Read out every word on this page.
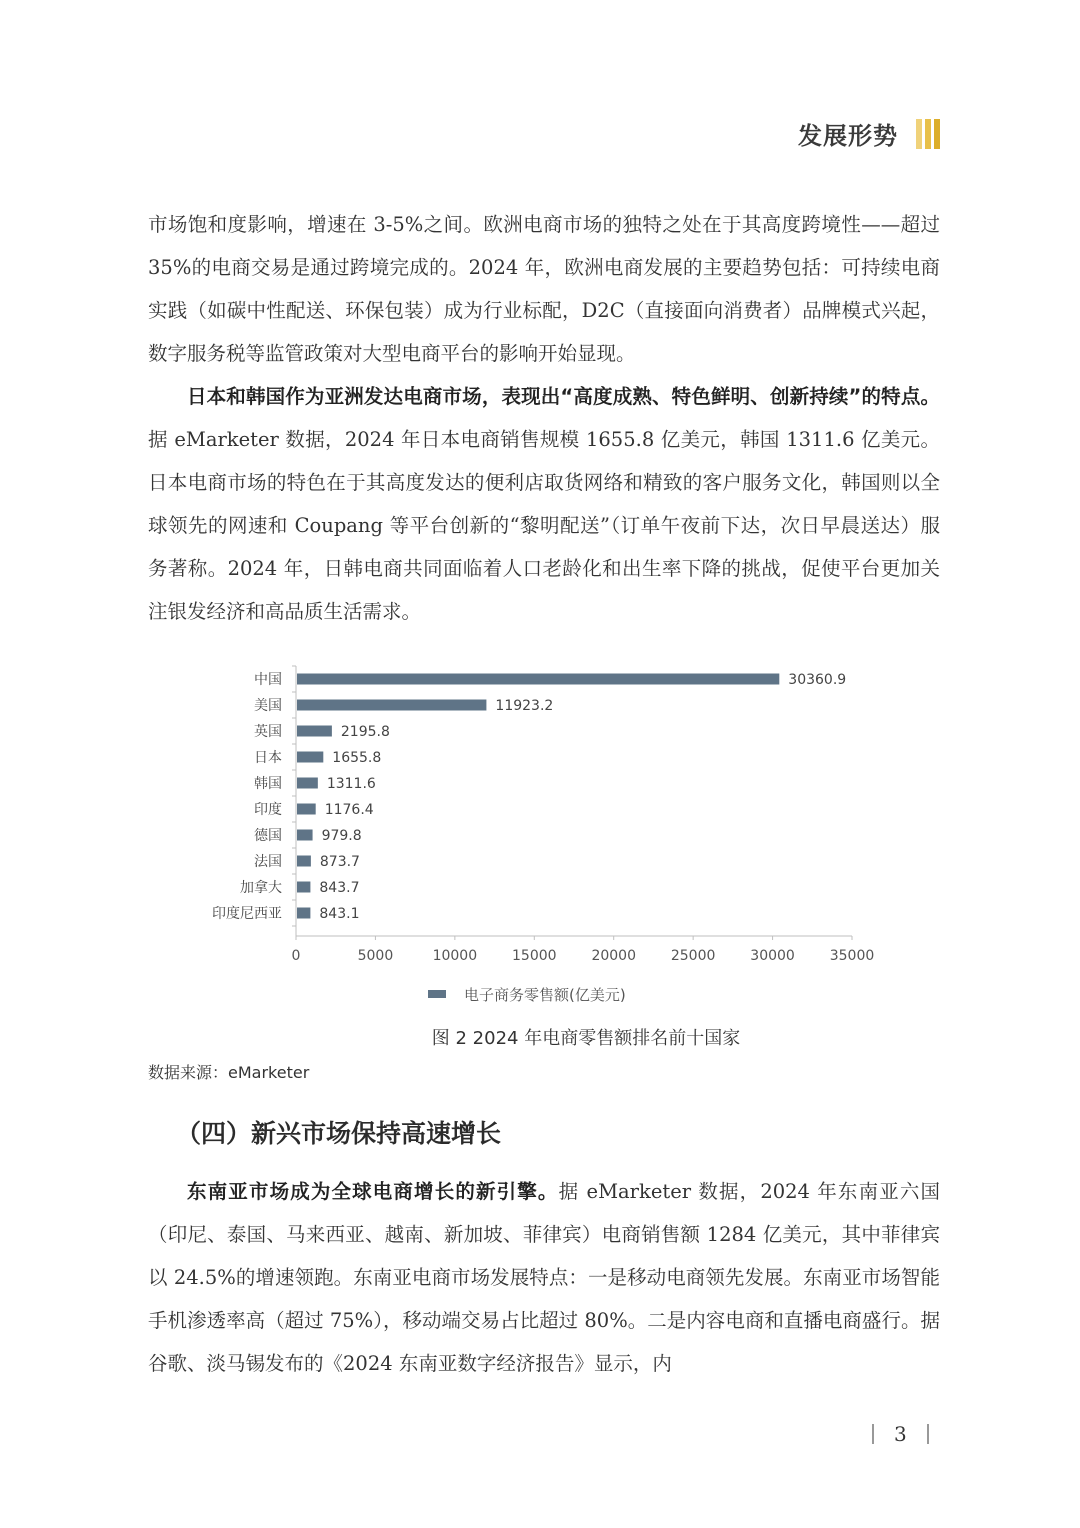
发展形势
市场饱和度影响，增速在 3-5%之间。欧洲电商市场的独特之处在于其高度跨境性——超过 35%的电商交易是通过跨境完成的。2024 年，欧洲电商发展的主要趋势包括：可持续电商实践（如碳中性配送、环保包装）成为行业标配，D2C（直接面向消费者）品牌模式兴起，数字服务税等监管政策对大型电商平台的影响开始显现。
日本和韩国作为亚洲发达电商市场，表现出“高度成熟、特色鲜明、创新持续”的特点。据 eMarketer 数据，2024 年日本电商销售规模 1655.8 亿美元，韩国 1311.6 亿美元。日本电商市场的特色在于其高度发达的便利店取货网络和精致的客户服务文化，韩国则以全球领先的网速和 Coupang 等平台创新的“黎明配送”（订单午夜前下达，次日早晨送达）服务著称。2024 年，日韩电商共同面临着人口老龄化和出生率下降的挑战，促使平台更加关注银发经济和高品质生活需求。
0	5000	10000 15000 20000 25000 30000 35000
中国	30360.9
美国	11923.2
英国	2195.8
日本	1655.8
韩国	1311.6
印度	1176.4
德国	979.8
法国	873.7
加拿大	843.7
印度尼西亚	843.1
电子商务零售额(亿美元)
图 2 2024 年电商零售额排名前十国家
数据来源：eMarketer
（四）新兴市场保持高速增长
东南亚市场成为全球电商增长的新引擎。据 eMarketer 数据，2024 年东南亚六国（印尼、泰国、马来西亚、越南、新加坡、菲律宾）电商销售额 1284 亿美元，其中菲律宾以 24.5%的增速领跑。东南亚电商市场发展特点：一是移动电商领先发展。东南亚市场智能手机渗透率高（超过 75%），移动端交易占比超过 80%。二是内容电商和直播电商盛行。据谷歌、淡马锡发布的《2024 东南亚数字经济报告》显示，内
3
